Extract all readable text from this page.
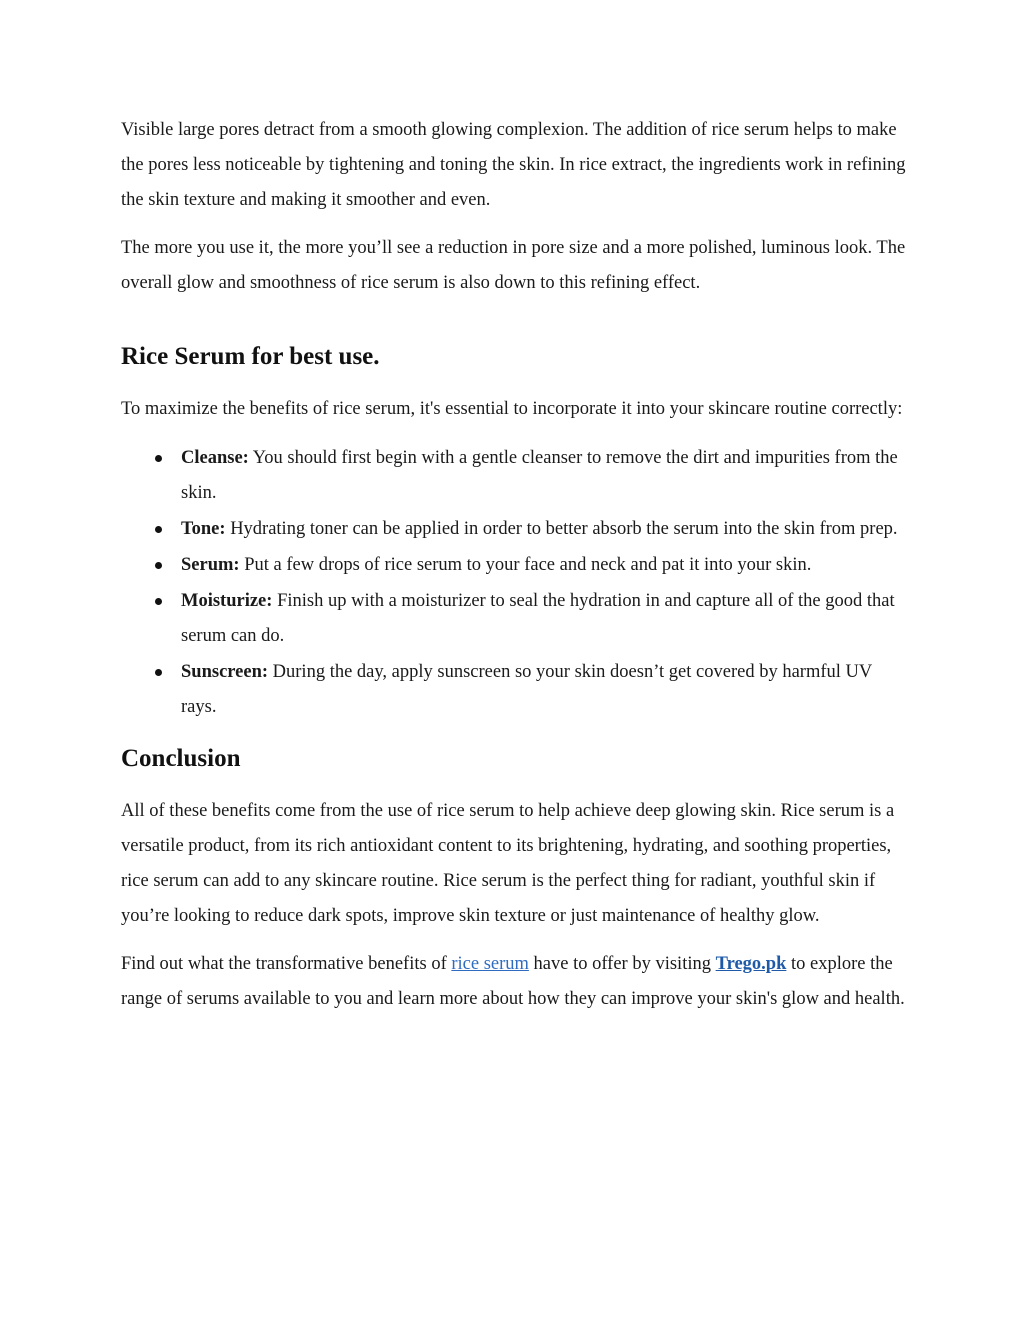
Visible large pores detract from a smooth glowing complexion. The addition of rice serum helps to make the pores less noticeable by tightening and toning the skin. In rice extract, the ingredients work in refining the skin texture and making it smoother and even.

The more you use it, the more you’ll see a reduction in pore size and a more polished, luminous look. The overall glow and smoothness of rice serum is also down to this refining effect.

Rice Serum for best use.

To maximize the benefits of rice serum, it's essential to incorporate it into your skincare routine correctly:

Cleanse: You should first begin with a gentle cleanser to remove the dirt and impurities from the skin.
Tone: Hydrating toner can be applied in order to better absorb the serum into the skin from prep.
Serum: Put a few drops of rice serum to your face and neck and pat it into your skin.
Moisturize: Finish up with a moisturizer to seal the hydration in and capture all of the good that serum can do.
Sunscreen: During the day, apply sunscreen so your skin doesn’t get covered by harmful UV rays.
Conclusion

All of these benefits come from the use of rice serum to help achieve deep glowing skin. Rice serum is a versatile product, from its rich antioxidant content to its brightening, hydrating, and soothing properties, rice serum can add to any skincare routine. Rice serum is the perfect thing for radiant, youthful skin if you’re looking to reduce dark spots, improve skin texture or just maintenance of healthy glow.

Find out what the transformative benefits of rice serum have to offer by visiting Trego.pk to explore the range of serums available to you and learn more about how they can improve your skin's glow and health.
